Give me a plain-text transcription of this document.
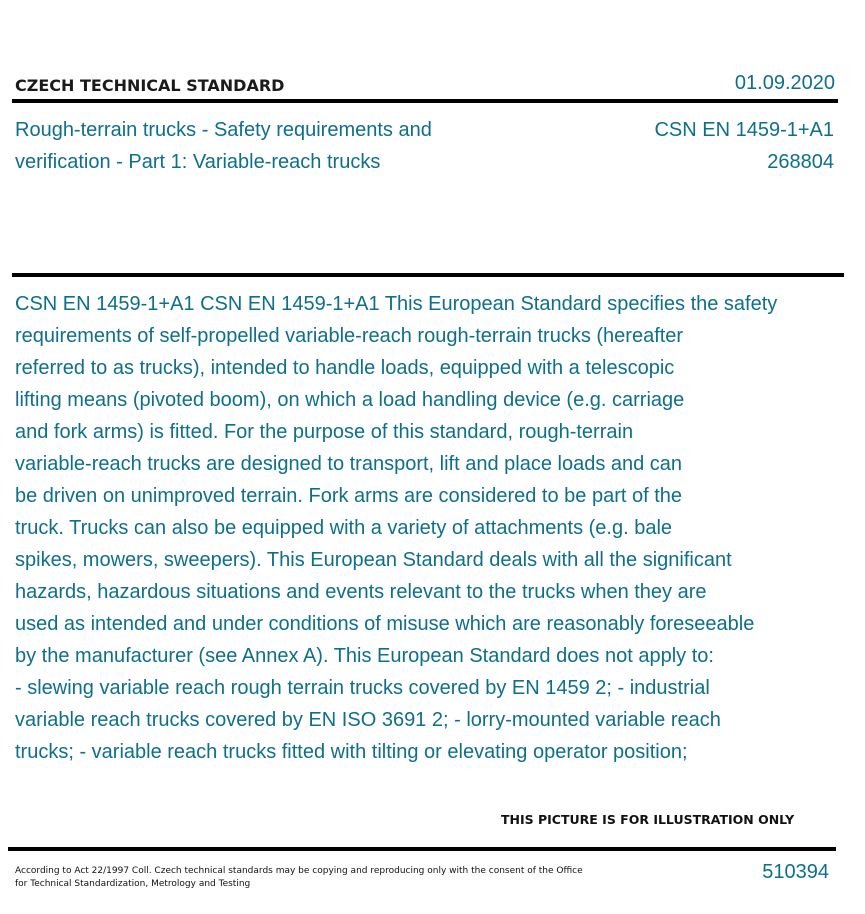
CZECH TECHNICAL STANDARD	01.09.2020
Rough-terrain trucks - Safety requirements and
verification - Part 1: Variable-reach trucks
CSN EN 1459-1+A1
268804
CSN EN 1459-1+A1 CSN EN 1459-1+A1 This European Standard specifies the safety
requirements of self-propelled variable-reach rough-terrain trucks (hereafter
referred to as trucks), intended to handle loads, equipped with a telescopic
lifting means (pivoted boom), on which a load handling device (e.g. carriage
and fork arms) is fitted. For the purpose of this standard, rough-terrain
variable-reach trucks are designed to transport, lift and place loads and can
be driven on unimproved terrain. Fork arms are considered to be part of the
truck. Trucks can also be equipped with a variety of attachments (e.g. bale
spikes, mowers, sweepers). This European Standard deals with all the significant
hazards, hazardous situations and events relevant to the trucks when they are
used as intended and under conditions of misuse which are reasonably foreseeable
by the manufacturer (see Annex A). This European Standard does not apply to:
- slewing variable reach rough terrain trucks covered by EN 1459 2; - industrial
variable reach trucks covered by EN ISO 3691 2; - lorry-mounted variable reach
trucks; - variable reach trucks fitted with tilting or elevating operator position;
THIS PICTURE IS FOR ILLUSTRATION ONLY
According to Act 22/1997 Coll. Czech technical standards may be copying and reproducing only with the consent of the Office
for Technical Standardization, Metrology and Testing
510394
